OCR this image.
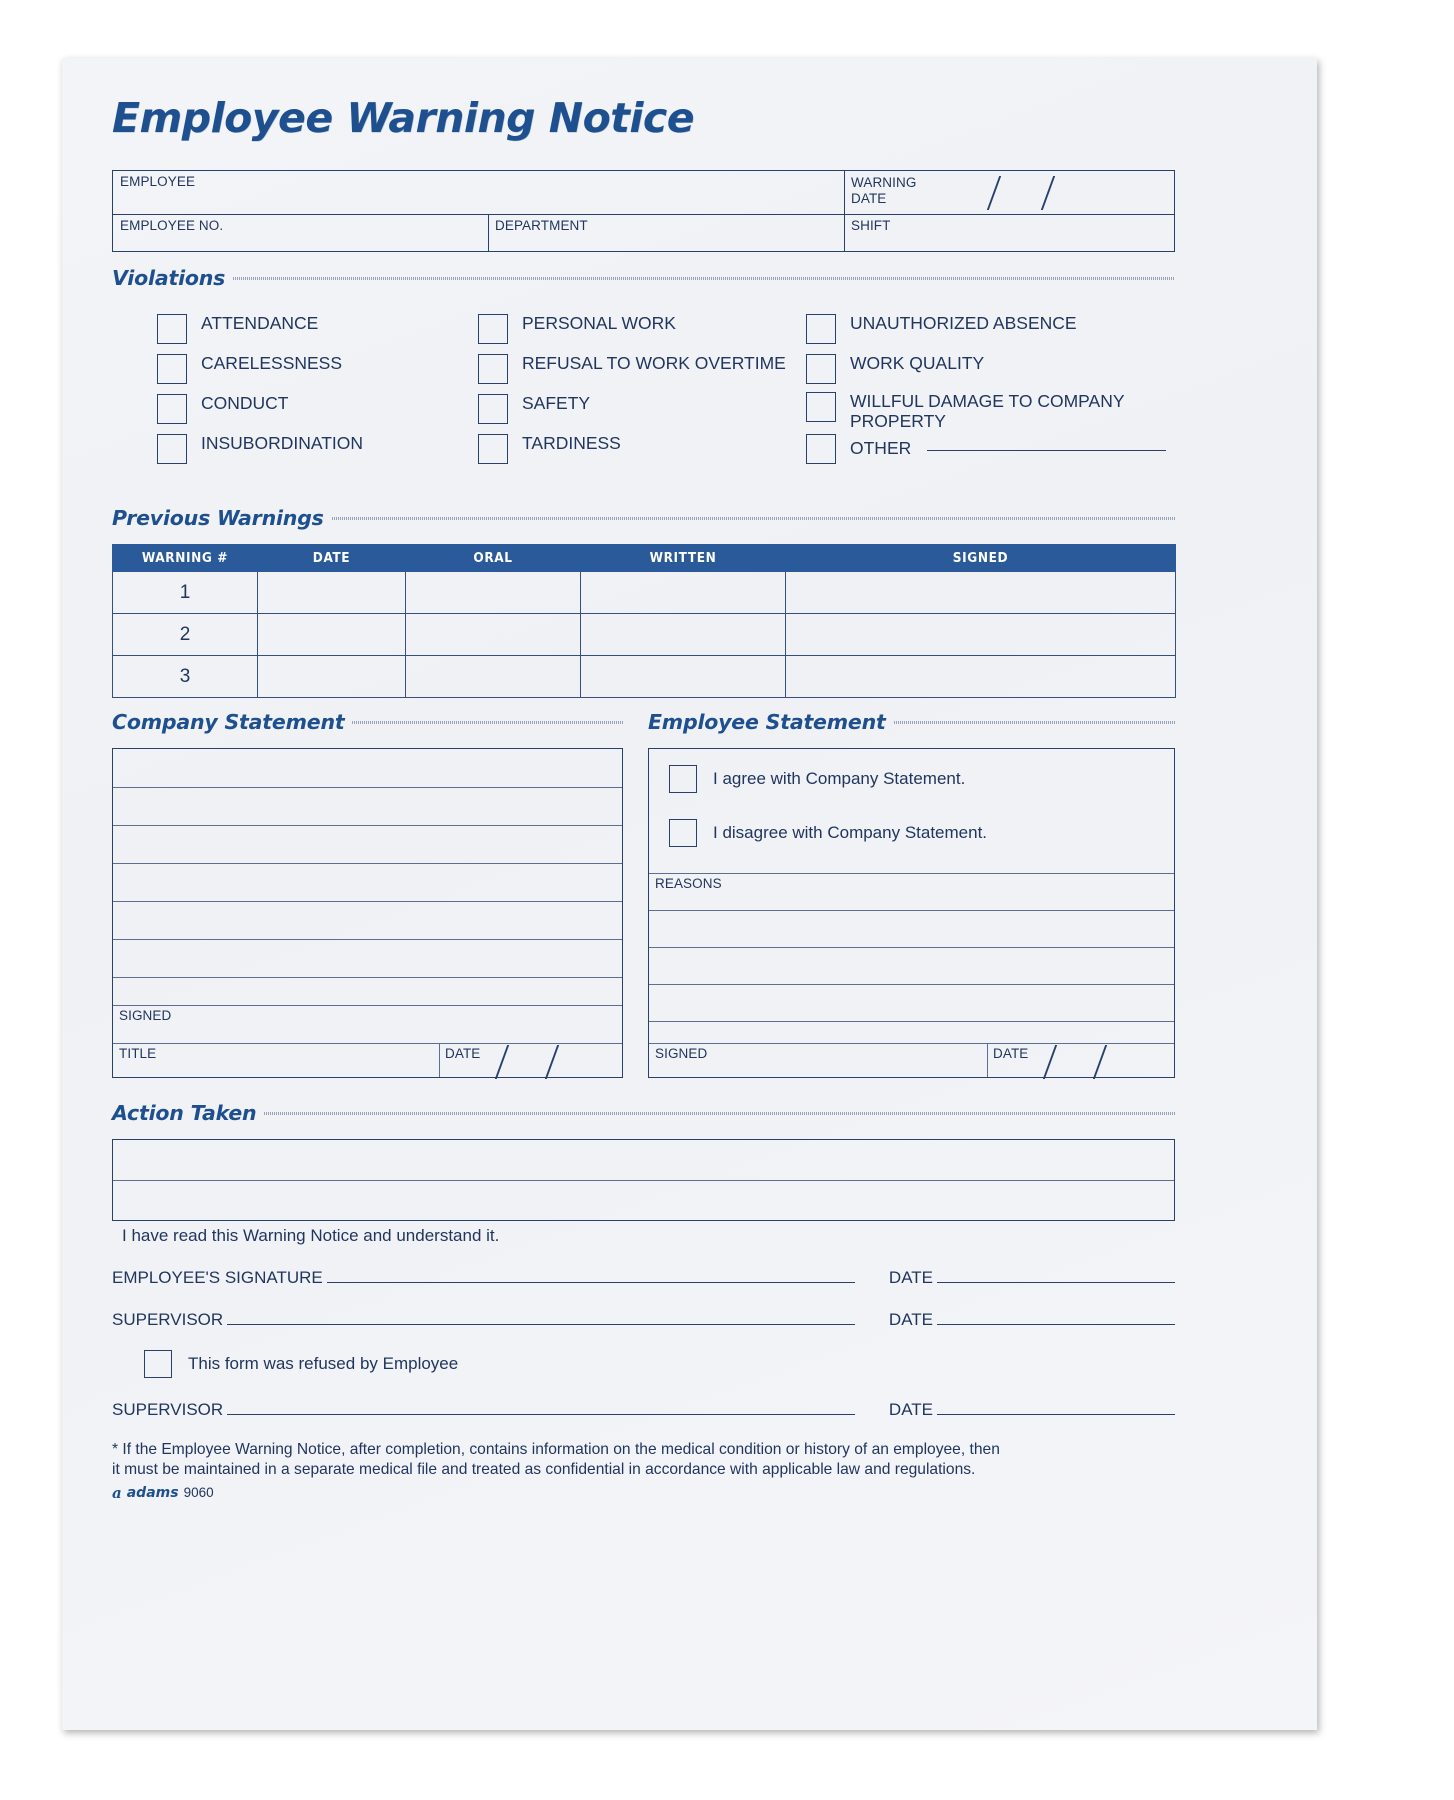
Employee Warning Notice
EMPLOYEE	WARNING
DATE
EMPLOYEE NO.	DEPARTMENT	SHIFT
Violations
ATTENDANCE
CARELESSNESS
CONDUCT
INSUBORDINATION
PERSONAL WORK
REFUSAL TO WORK OVERTIME
SAFETY
TARDINESS
UNAUTHORIZED ABSENCE
WORK QUALITY
WILLFUL DAMAGE TO COMPANY PROPERTY
OTHER
Previous Warnings
WARNING #	DATE	ORAL	WRITTEN	SIGNED
1				
2				
3				
Company Statement
SIGNED
TITLE	DATE
Employee Statement
I agree with Company Statement.
I disagree with Company Statement.
REASONS
SIGNED	DATE
Action Taken
I have read this Warning Notice and understand it.
EMPLOYEE'S SIGNATURE	DATE
SUPERVISOR	DATE
This form was refused by Employee
SUPERVISOR	DATE
* If the Employee Warning Notice, after completion, contains information on the medical condition or history of an employee, then
it must be maintained in a separate medical file and treated as confidential in accordance with applicable law and regulations.
a adams 9060
